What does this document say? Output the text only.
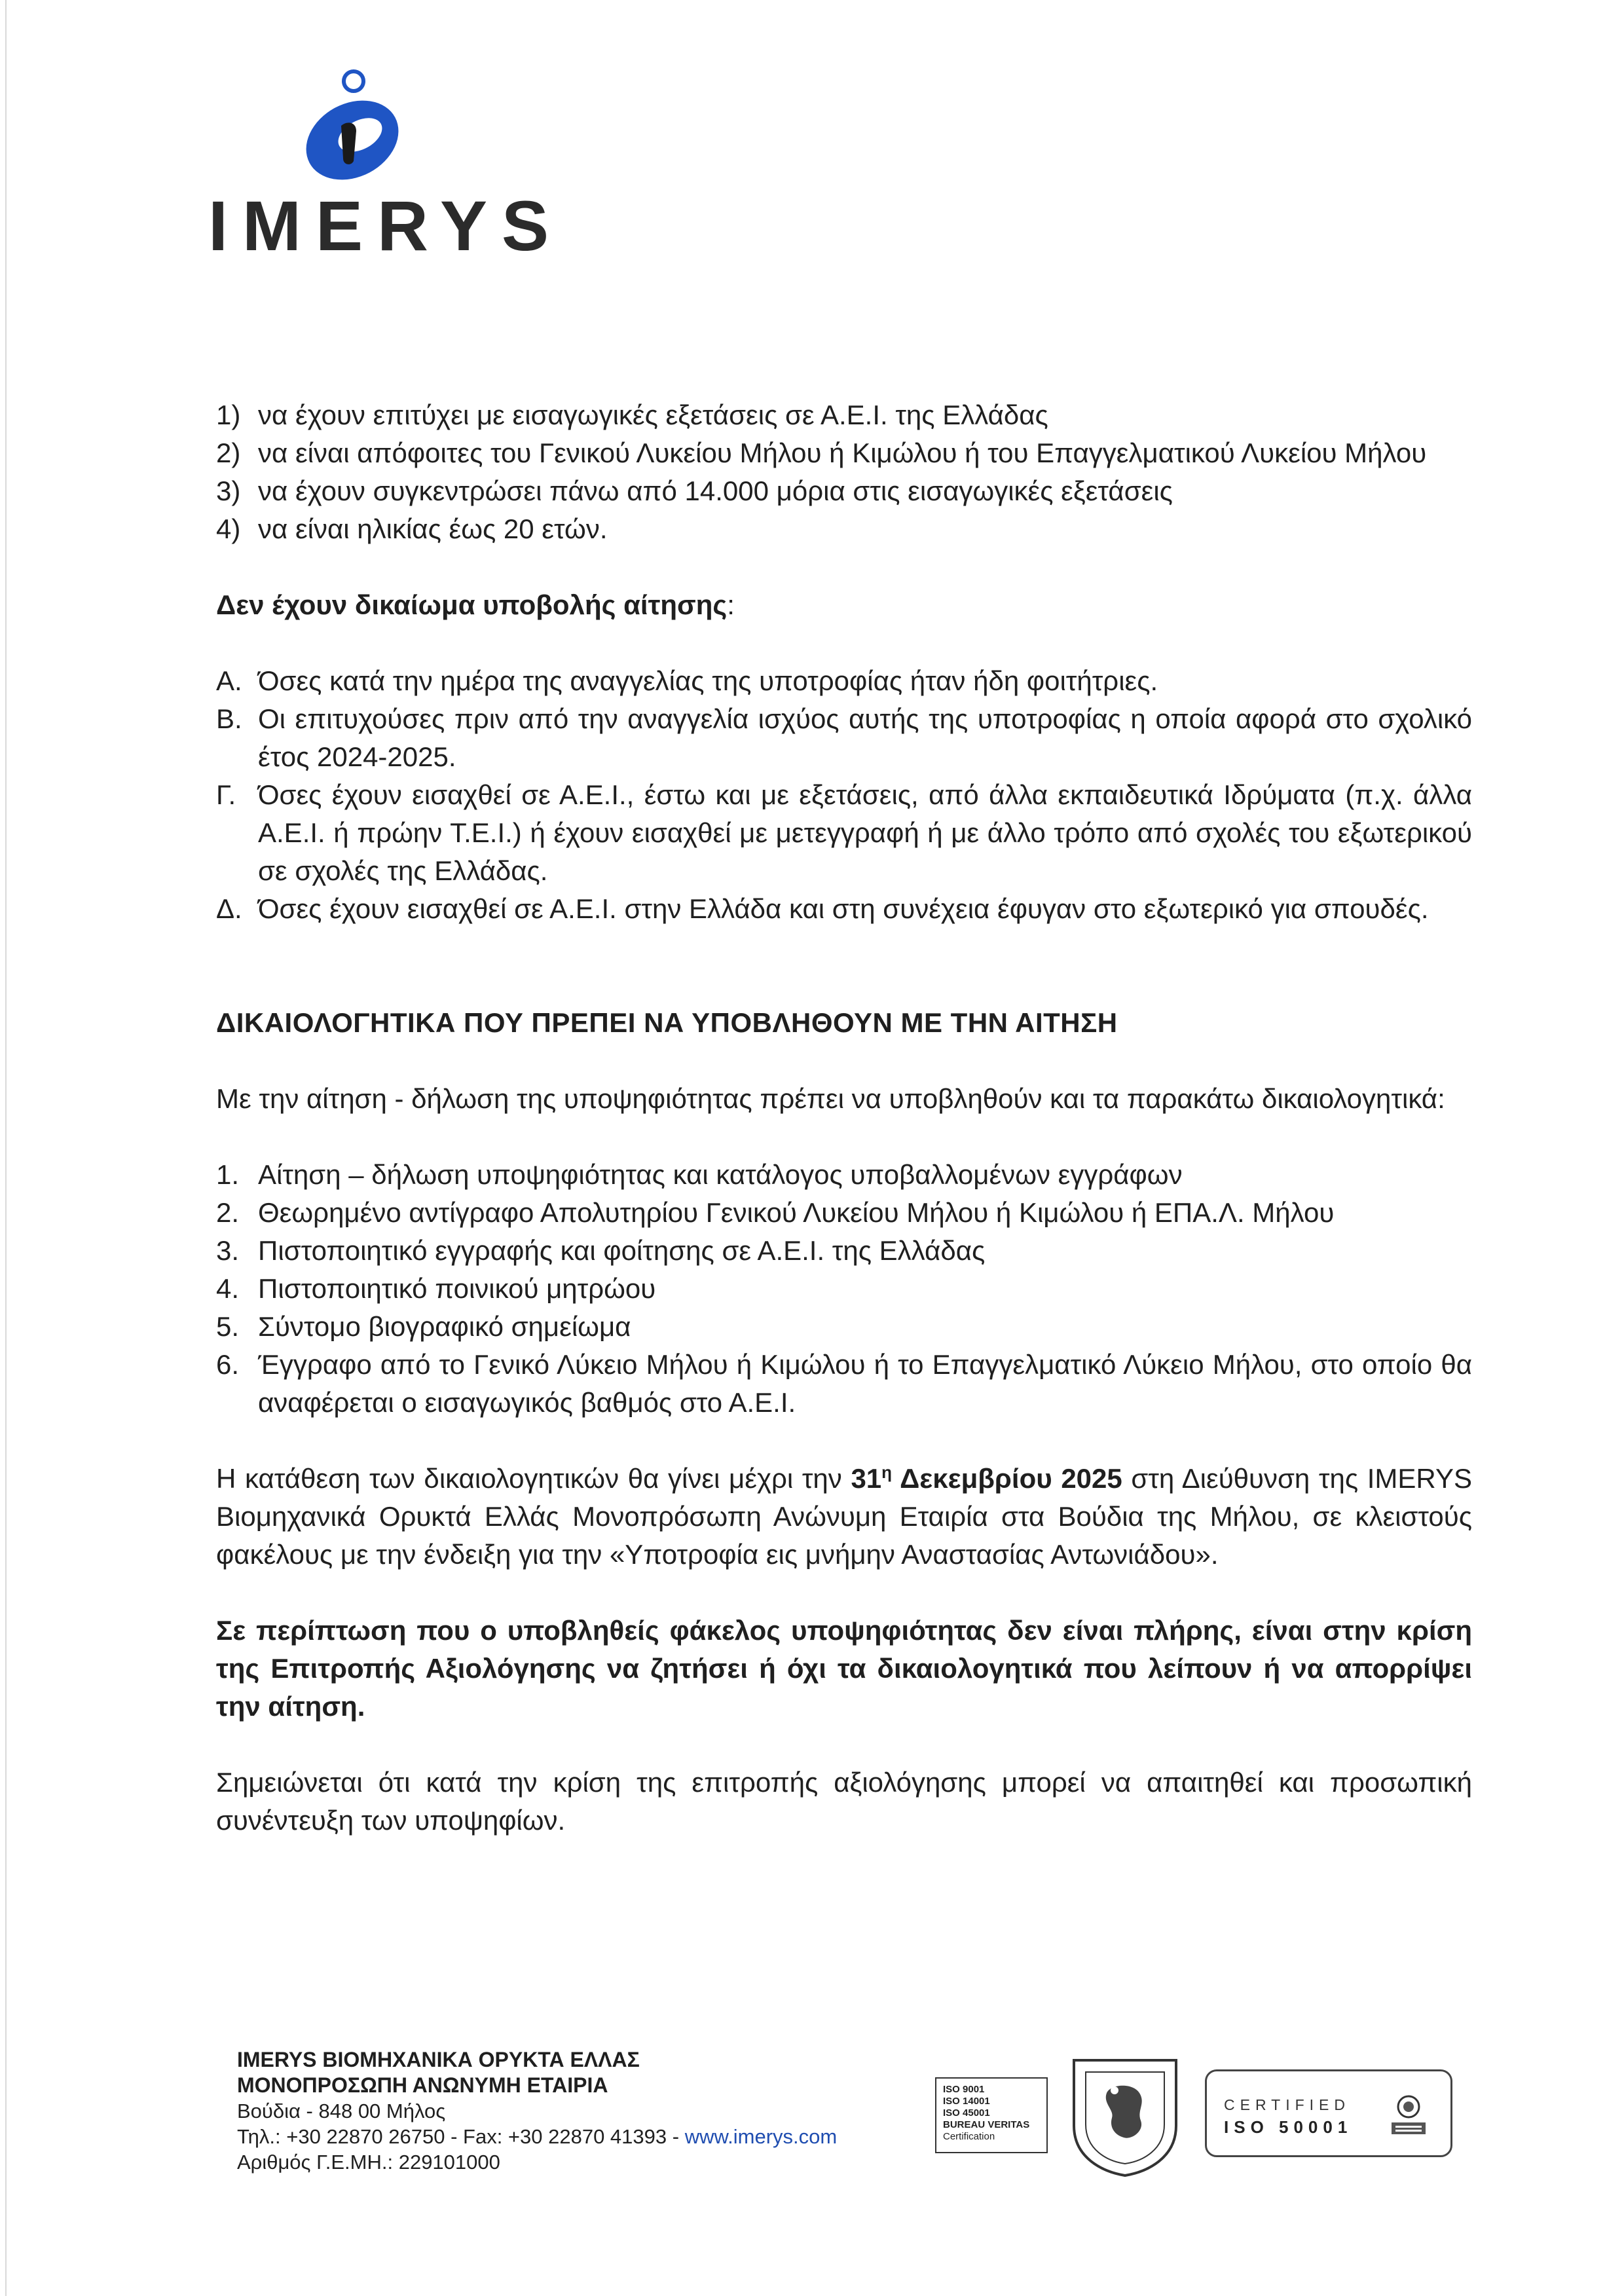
IMERYS
1) να έχουν επιτύχει με εισαγωγικές εξετάσεις σε Α.Ε.Ι. της Ελλάδας
2) να είναι απόφοιτες του Γενικού Λυκείου Μήλου ή Κιμώλου ή του Επαγγελματικού Λυκείου Μήλου
3) να έχουν συγκεντρώσει πάνω από 14.000 μόρια στις εισαγωγικές εξετάσεις
4) να είναι ηλικίας έως 20 ετών.

Δεν έχουν δικαίωμα υποβολής αίτησης:

Α. Όσες κατά την ημέρα της αναγγελίας της υποτροφίας ήταν ήδη φοιτήτριες.
Β. Οι επιτυχούσες πριν από την αναγγελία ισχύος αυτής της υποτροφίας η οποία αφορά στο σχολικό έτος 2024-2025.
Γ. Όσες έχουν εισαχθεί σε Α.Ε.Ι., έστω και με εξετάσεις, από άλλα εκπαιδευτικά Ιδρύματα (π.χ. άλλα Α.Ε.Ι. ή πρώην Τ.Ε.Ι.) ή έχουν εισαχθεί με μετεγγραφή ή με άλλο τρόπο από σχολές του εξωτερικού σε σχολές της Ελλάδας.
Δ. Όσες έχουν εισαχθεί σε Α.Ε.Ι. στην Ελλάδα και στη συνέχεια έφυγαν στο εξωτερικό για σπουδές.

ΔΙΚΑΙΟΛΟΓΗΤΙΚΑ ΠΟΥ ΠΡΕΠΕΙ ΝΑ ΥΠΟΒΛΗΘΟΥΝ ΜΕ ΤΗΝ ΑΙΤΗΣΗ

Με την αίτηση - δήλωση της υποψηφιότητας πρέπει να υποβληθούν και τα παρακάτω δικαιολογητικά:

1. Αίτηση – δήλωση υποψηφιότητας και κατάλογος υποβαλλομένων εγγράφων
2. Θεωρημένο αντίγραφο Απολυτηρίου Γενικού Λυκείου Μήλου ή Κιμώλου ή ΕΠΑ.Λ. Μήλου
3. Πιστοποιητικό εγγραφής και φοίτησης σε Α.Ε.Ι. της Ελλάδας
4. Πιστοποιητικό ποινικού μητρώου
5. Σύντομο βιογραφικό σημείωμα
6. Έγγραφο από το Γενικό Λύκειο Μήλου ή Κιμώλου ή το Επαγγελματικό Λύκειο Μήλου, στο οποίο θα αναφέρεται ο εισαγωγικός βαθμός στο Α.Ε.Ι.

Η κατάθεση των δικαιολογητικών θα γίνει μέχρι την $31^\eta$ Δεκεμβρίου 2025 στη Διεύθυνση της IMERYS Βιομηχανικά Ορυκτά Ελλάς Μονοπρόσωπη Ανώνυμη Εταιρία στα Βούδια της Μήλου, σε κλειστούς φακέλους με την ένδειξη για την «Υποτροφία εις μνήμην Αναστασίας Αντωνιάδου».

Σε περίπτωση που ο υποβληθείς φάκελος υποψηφιότητας δεν είναι πλήρης, είναι στην κρίση της Επιτροπής Αξιολόγησης να ζητήσει ή όχι τα δικαιολογητικά που λείπουν ή να απορρίψει την αίτηση.

Σημειώνεται ότι κατά την κρίση της επιτροπής αξιολόγησης μπορεί να απαιτηθεί και προσωπική συνέντευξη των υποψηφίων.

IMERYS ΒΙΟΜΗΧΑΝΙΚΑ ΟΡΥΚΤΑ ΕΛΛΑΣ
ΜΟΝΟΠΡΟΣΩΠΗ ΑΝΩΝΥΜΗ ΕΤΑΙΡΙΑ
Βούδια - 848 00 Μήλος
Τηλ.: +30 22870 26750 - Fax: +30 22870 41393 - www.imerys.com
Αριθμός Γ.Ε.ΜΗ.: 229101000
ISO 9001
ISO 14001
ISO 45001
BUREAU VERITAS
Certification
CERTIFIED
ISO 50001
